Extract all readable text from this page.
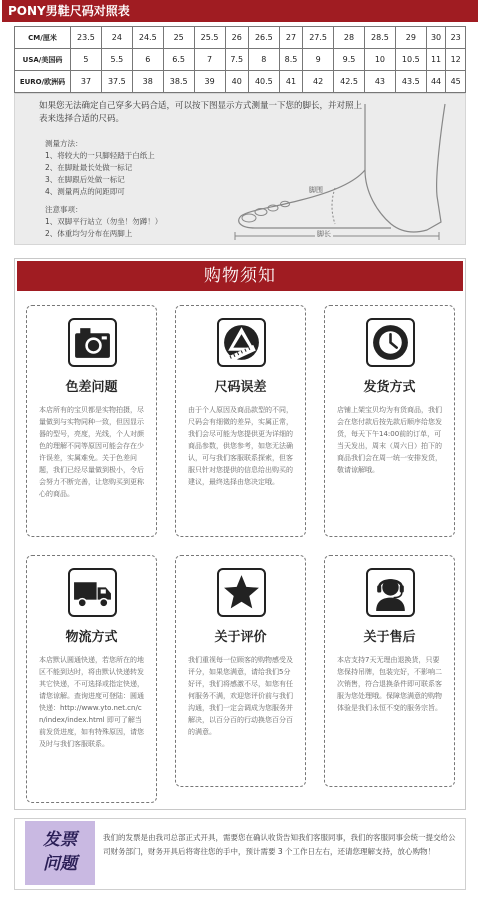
PONY男鞋尺码对照表
CM/厘米	23.5	24	24.5	25	25.5	26	26.5	27	27.5	28	28.5	29	30	23
USA/美国码	5	5.5	6	6.5	7	7.5	8	8.5	9	9.5	10	10.5	11	12
EURO/欧洲码	37	37.5	38	38.5	39	40	40.5	41	42	42.5	43	43.5	44	45
脚围
脚长
如果您无法确定自己穿多大码合适，可以按下图显示方式测量一下您的脚长，并对照上表来选择合适的尺码。
测量方法：
1、将较大的一只脚轻踏于白纸上
2、在脚趾最长处做一标记
3、在脚跟后处做一标记
4、测量两点的间距即可
注意事项：
1、双脚平行站立（勿坐！勿蹲！）
2、体重均匀分布在两脚上
购物须知
色差问题
本店所有的宝贝都是实物拍摄，尽量做到与实物同种一致，但因显示器的型号，亮度，光线，个人对颜色的理解不同等原因可能会存在少许误差，实属难免。关于色差问题，我们已经尽量做到极小，令后会努力不断完善，让您购买到更称心的商品。
尺码误差
由于个人原因及商品款型的不同，尺码会有细微的差异，实属正常，我们会尽可能为您提供更为详细的商品参数，供您参考，如您无法确认，可与我们客服联系探索，但客服只针对您提供的信息给出购买的建议，最终选择由您决定哦。
发货方式
店铺上架宝贝均为有货商品，我们会在您付款后按先款后顺序给您发货，每天下午14:00前的订单，可当天发出，周末（周六日）拍下的商品我们会在周一统一安排发货，敬请谅解哦。
物流方式
本店默认圆通快递，若您所在的地区不能到达时，将由默认快递转发其它快递，不可选择或指定快递，请您谅解。查询进度可登陆：圆通快递：http://www.yto.net.cn/cn/index/index.html 即可了解当前发货进度，如有特殊原因，请您及时与我们客服联系。
关于评价
我们重视每一位顾客的购物感受及评分，如果您满意，请给我们5分好评，我们将感激不尽，如您有任何服务不满，欢迎您评价前与我们沟通，我们一定会调成为您服务并解决，以百分百的行动换您百分百的满意。
关于售后
本店支持7天无理由退换货，只要您保持吊牌，包装完好，不影响二次销售，符合退换条件即可联系客服为您处理哦。保障您满意的购物体验是我们永恒不变的服务宗旨。
发票
问题
我们的发票是由我司总部正式开具，需要您在确认收货告知我们客服同事，我们的客服同事会统一提交给公司财务部门，财务开具后将寄往您的手中，预计需要 3 个工作日左右，还请您理解支持，放心购物！
